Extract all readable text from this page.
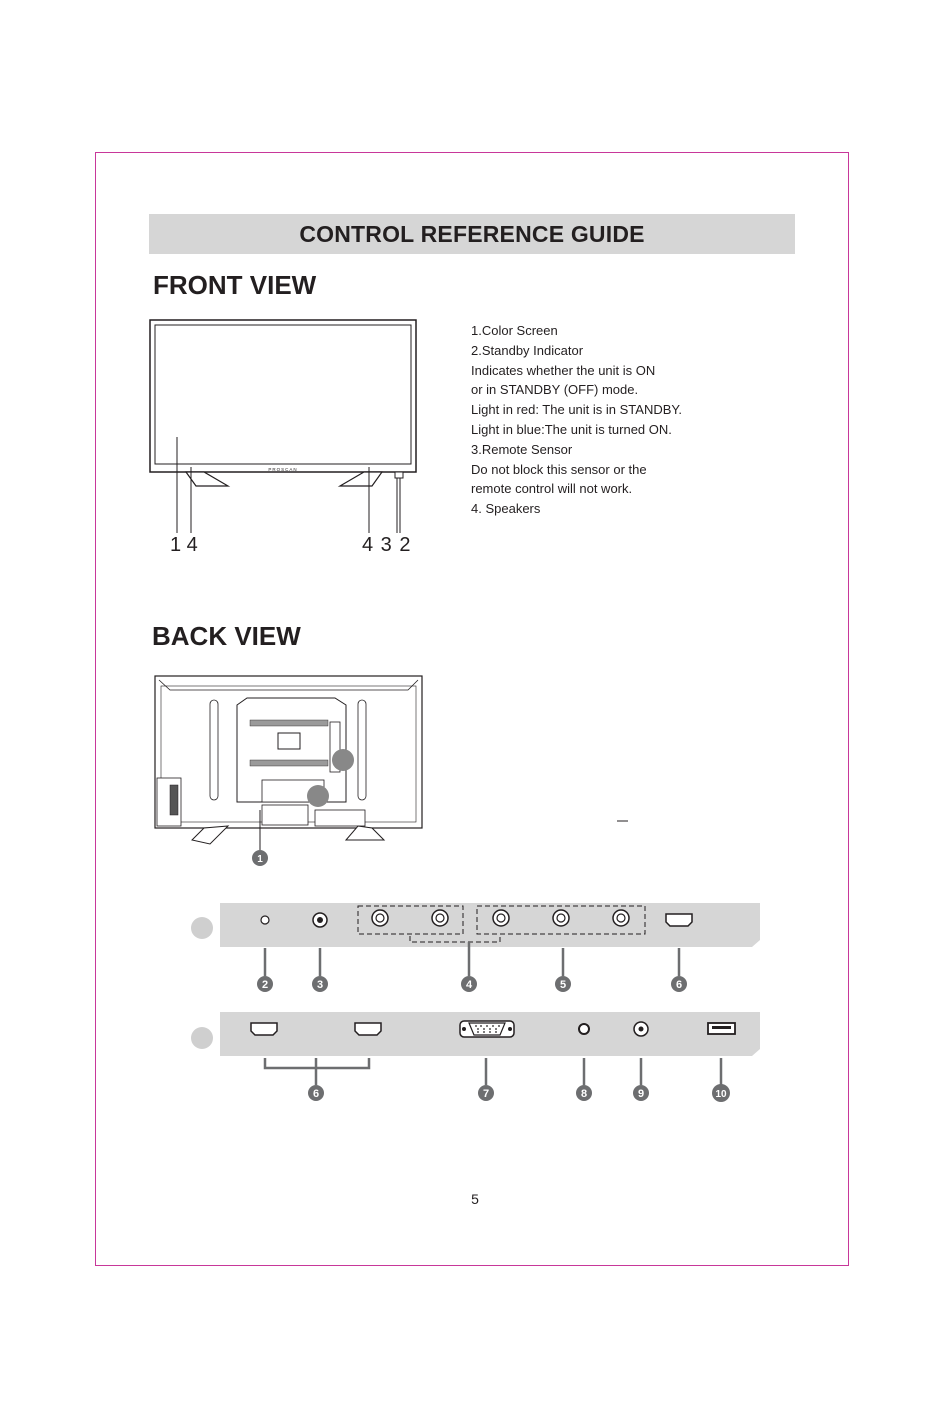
CONTROL REFERENCE GUIDE
FRONT VIEW
PROSCAN
1 4	4 3 2
1.Color Screen
2.Standby Indicator
Indicates whether the unit is ON
or in STANDBY (OFF) mode.
Light in red: The unit is in STANDBY.
Light in blue:The unit is turned ON.
3.Remote Sensor
Do not block this sensor or the
remote control will not work.
4. Speakers
BACK VIEW
1
2	3	4	5	6
6	7	8	9	10
5
